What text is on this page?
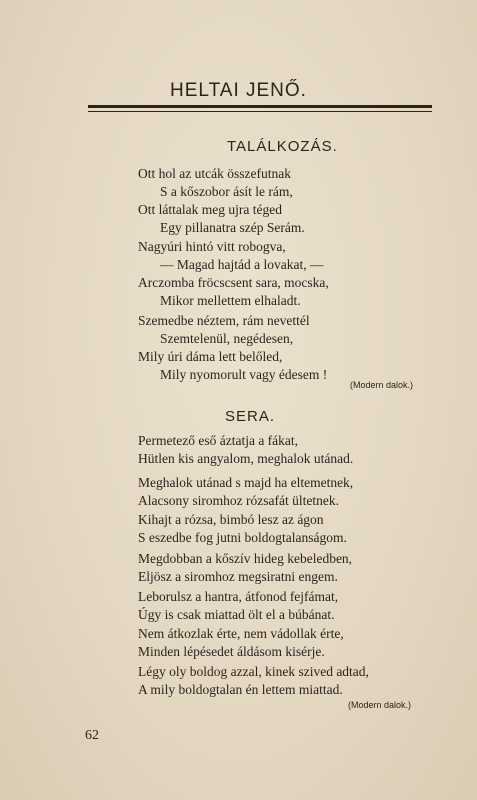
HELTAI JENŐ.
TALÁLKOZÁS.
Ott hol az utcák összefutnak
S a kőszobor ásít le rám,
Ott láttalak meg ujra téged
Egy pillanatra szép Serám.
Nagyúri hintó vitt robogva,
— Magad hajtád a lovakat, —
Arczomba fröcscsent sara, mocska,
Mikor mellettem elhaladt.
Szemedbe néztem, rám nevettél
Szemtelenül, negédesen,
Mily úri dáma lett belőled,
Mily nyomorult vagy édesem !
(Modern dalok.)
SERA.
Permetező eső áztatja a fákat,
Hütlen kis angyalom, meghalok utánad.
Meghalok utánad s majd ha eltemetnek,
Alacsony siromhoz rózsafát ültetnek.
Kihajt a rózsa, bimbó lesz az ágon
S eszedbe fog jutni boldogtalanságom.
Megdobban a kőszív hideg kebeledben,
Eljösz a siromhoz megsiratni engem.
Leborulsz a hantra, átfonod fejfámat,
Úgy is csak miattad ölt el a búbánat.
Nem átkozlak érte, nem vádollak érte,
Minden lépésedet áldásom kisérje.
Légy oly boldog azzal, kinek szived adtad,
A mily boldogtalan én lettem miattad.
(Modern dalok.)
62
